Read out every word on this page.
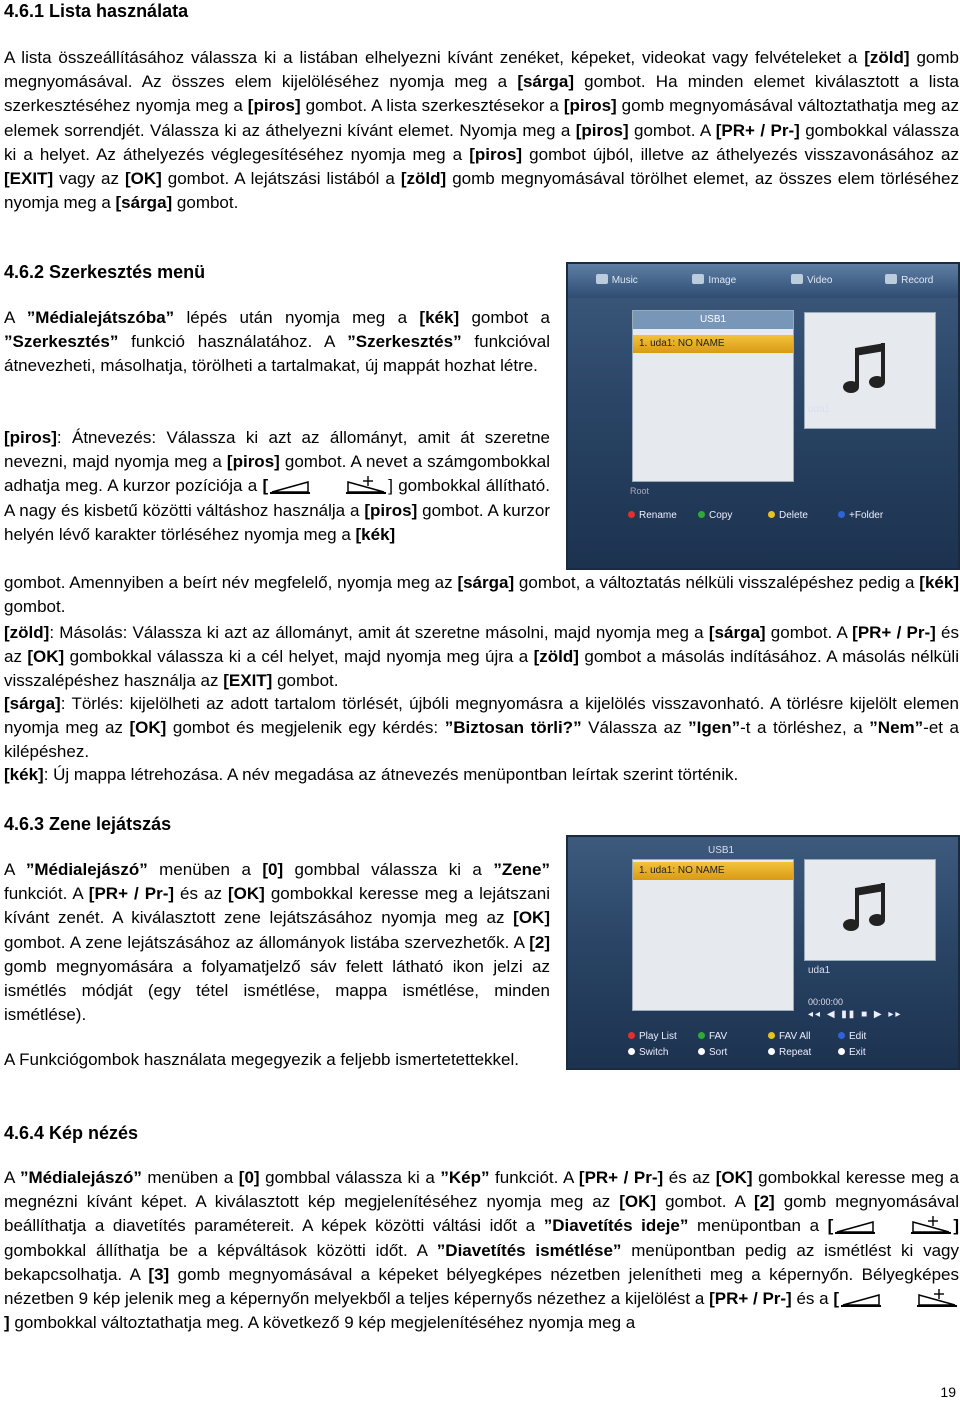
4.6.1 Lista használata

A lista összeállításához válassza ki a listában elhelyezni kívánt zenéket, képeket, videokat vagy felvételeket a [zöld] gomb megnyomásával. Az összes elem kijelöléséhez nyomja meg a [sárga] gombot. Ha minden elemet kiválasztott a lista szerkesztéséhez nyomja meg a [piros] gombot. A lista szerkesztésekor a [piros] gomb megnyomásával változtathatja meg az elemek sorrendjét. Válassza ki az áthelyezni kívánt elemet. Nyomja meg a [piros] gombot. A [PR+ / Pr-] gombokkal válassza ki a helyet. Az áthelyezés véglegesítéséhez nyomja meg a [piros] gombot újból, illetve az áthelyezés visszavonásához az [EXIT] vagy az [OK] gombot. A lejátszási listából a [zöld] gomb megnyomásával törölhet elemet, az összes elem törléséhez nyomja meg a [sárga] gombot.

4.6.2 Szerkesztés menü

A ”Médialejátszóba” lépés után nyomja meg a [kék] gombot a ”Szerkesztés” funkció használatához. A ”Szerkesztés” funkcióval átnevezheti, másolhatja, törölheti a tartalmakat, új mappát hozhat létre.

[piros]: Átnevezés: Válassza ki azt az állományt, amit át szeretne nevezni, majd nyomja meg a [piros] gombot. A nevet a számgombokkal adhatja meg. A kurzor pozíciója a [	] gombokkal állítható. A nagy és kisbetű közötti váltáshoz használja a [piros] gombot. A kurzor helyén lévő karakter törléséhez nyomja meg a [kék]

gombot. Amennyiben a beírt név megfelelő, nyomja meg az [sárga] gombot, a változtatás nélküli visszalépéshez pedig a [kék] gombot.

[zöld]: Másolás: Válassza ki azt az állományt, amit át szeretne másolni, majd nyomja meg a [sárga] gombot. A [PR+ / Pr-] és az [OK] gombokkal válassza ki a cél helyet, majd nyomja meg újra a [zöld] gombot a másolás indításához. A másolás nélküli visszalépéshez használja az [EXIT] gombot.

[sárga]: Törlés: kijelölheti az adott tartalom törlését, újbóli megnyomásra a kijelölés visszavonható. A törlésre kijelölt elemen nyomja meg az [OK] gombot és megjelenik egy kérdés: ”Biztosan törli?” Válassza az ”Igen”-t a törléshez, a ”Nem”-et a kilépéshez.

[kék]: Új mappa létrehozása. A név megadása az átnevezés menüpontban leírtak szerint történik.

4.6.3 Zene lejátszás

A ”Médialejászó” menüben a [0] gombbal válassza ki a ”Zene” funkciót. A [PR+ / Pr-] és az [OK] gombokkal keresse meg a lejátszani kívánt zenét. A kiválasztott zene lejátszásához nyomja meg az [OK] gombot. A zene lejátszásához az állományok listába szervezhetők. A [2] gomb megnyomására a folyamatjelző sáv felett látható ikon jelzi az ismétlés módját (egy tétel ismétlése, mappa ismétlése, minden ismétlése).

A Funkciógombok használata megegyezik a feljebb ismertetettekkel.

4.6.4 Kép nézés

A ”Médialejászó” menüben a [0] gombbal válassza ki a ”Kép” funkciót. A [PR+ / Pr-] és az [OK] gombokkal keresse meg a megnézni kívánt képet. A kiválasztott kép megjelenítéséhez nyomja meg az [OK] gombot. A [2] gomb megnyomásával beállíthatja a diavetítés paramétereit. A képek közötti váltási időt a ”Diavetítés ideje” menüpontban a [	] gombokkal állíthatja be a képváltások közötti időt. A ”Diavetítés ismétlése” menüpontban pedig az ismétlést ki vagy bekapcsolhatja. A [3] gomb megnyomásával a képeket bélyegképes nézetben jelenítheti meg a képernyőn. Bélyegképes nézetben 9 kép jelenik meg a képernyőn melyekből a teljes képernyős nézethez a kijelölést a [PR+ / Pr-] és a [] gombokkal változtathatja meg. A következő 9 kép megjelenítéséhez nyomja meg a

19
Music	Image	Video	Record
USB1
1. uda1: NO NAME
uda1
Root
Rename	Copy	Delete	+Folder
USB1
1. uda1: NO NAME
uda1
00:00:00
◂◂ ◀ ▮▮ ■ ▶ ▸▸
Play List	FAV	FAV All	Edit
Switch	Sort	Repeat	Exit
